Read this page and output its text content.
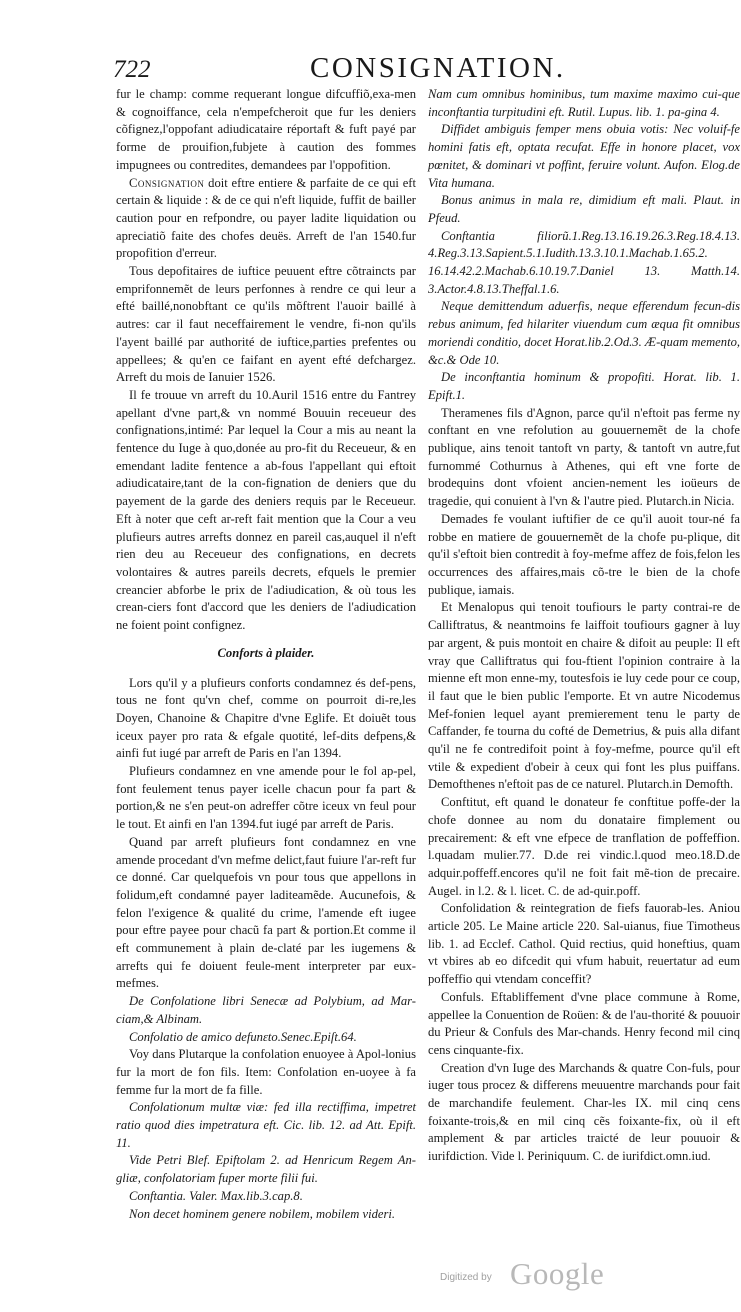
722	CONSIGNATION.

fur le champ: comme requerant longue difcuffiõ,exa-men & cognoiffance, cela n'empefcheroit que fur les deniers cõfignez,l'oppofant adiudicataire réportaft & fuft payé par forme de prouifion,fubjete à caution des fommes impugnees ou contredites, demandees par l'oppofition.

Consignation doit eftre entiere & parfaite de ce qui eft certain & liquide : & de ce qui n'eft liquide, fuffit de bailler caution pour en refpondre, ou payer ladite liquidation ou apreciatiõ faite des chofes deuës. Arreft de l'an 1540.fur propofition d'erreur.

Tous depofitaires de iuftice peuuent eftre cõtraincts par emprifonnemẽt de leurs perfonnes à rendre ce qui leur a efté baillé,nonobftant ce qu'ils mõftrent l'auoir baillé à autres: car il faut neceffairement le vendre, fi-non qu'ils l'ayent baillé par authorité de iuftice,parties prefentes ou appellees; & qu'en ce faifant en ayent efté defchargez. Arreft du mois de Ianuier 1526.

Il fe trouue vn arreft du 10.Auril 1516 entre du Fantrey apellant d'vne part,& vn nommé Bouuin receueur des confignations,intimé: Par lequel la Cour a mis au neant la fentence du Iuge à quo,donée au pro-fit du Receueur, & en emendant ladite fentence a ab-fous l'appellant qui eftoit adiudicataire,tant de la con-fignation de deniers que du payement de la garde des deniers requis par le Receueur. Eft à noter que ceft ar-reft fait mention que la Cour a veu plufieurs autres arrefts donnez en pareil cas,auquel il n'eft rien deu au Receueur des confignations, en decrets volontaires & autres pareils decrets, efquels le premier creancier abforbe le prix de l'adiudication, & où tous les crean-ciers font d'accord que les deniers de l'adiudication ne foient point confignez.

Conforts à plaider.

Lors qu'il y a plufieurs conforts condamnez és def-pens, tous ne font qu'vn chef, comme on pourroit di-re,les Doyen, Chanoine & Chapitre d'vne Eglife. Et doiuẽt tous iceux payer pro rata & efgale quotité, lef-dits defpens,& ainfi fut iugé par arreft de Paris en l'an 1394.

Plufieurs condamnez en vne amende pour le fol ap-pel, font feulement tenus payer icelle chacun pour fa part & portion,& ne s'en peut-on adreffer cõtre iceux vn feul pour le tout. Et ainfi en l'an 1394.fut iugé par arreft de Paris.

Quand par arreft plufieurs font condamnez en vne amende procedant d'vn mefme delict,faut fuiure l'ar-reft fur ce donné. Car quelquefois vn pour tous que appellons in folidum,eft condamné payer laditeamẽde. Aucunefois, & felon l'exigence & qualité du crime, l'amende eft iugee pour eftre payee pour chacũ fa part & portion.Et comme il eft communement à plain de-claté par les iugemens & arrefts qui fe doiuent feule-ment interpreter par eux-mefmes.

De Confolatione libri Senecæ ad Polybium, ad Mar-ciam,& Albinam.

Confolatio de amico defunɛto.Senec.Epiſt.64.

Voy dans Plutarque la confolation enuoyee à Apol-lonius fur la mort de fon fils. Item: Confolation en-uoyee à fa femme fur la mort de fa fille.

Confolationum multæ viæ: fed illa rectiffima, impetret ratio quod dies impetratura eft. Cic. lib. 12. ad Att. Epift. 11.

Vide Petri Blef. Epiftolam 2. ad Henricum Regem An-gliæ, confolatoriam fuper morte filii fui.

Conftantia. Valer. Max.lib.3.cap.8.

Non decet hominem genere nobilem, mobilem videri.

Nam cum omnibus hominibus, tum maxime maximo cui-que inconftantia turpitudini eft. Rutil. Lupus. lib. 1. pa-gina 4.

Diffidet ambiguis femper mens obuia votis: Nec voluif-fe homini fatis eft, optata recufat. Effe in honore placet, vox pœnitet, & dominari vt poffint, feruire volunt. Aufon. Elog.de Vita humana.

Bonus animus in mala re, dimidium eft mali. Plaut. in Pfeud.

Conftantia filiorũ.1.Reg.13.16.19.26.3.Reg.18.4.13. 4.Reg.3.13.Sapient.5.1.Iudith.13.3.10.1.Machab.1.65.2. 16.14.42.2.Machab.6.10.19.7.Daniel 13. Matth.14. 3.Actor.4.8.13.Theffal.1.6.

Neque demittendum aduerfis, neque efferendum fecun-dis rebus animum, fed hilariter viuendum cum æqua fit omnibus moriendi conditio, docet Horat.lib.2.Od.3. Æ-quam memento, &c.& Ode 10.

De inconftantia hominum & propofiti. Horat. lib. 1. Epift.1.

Theramenes fils d'Agnon, parce qu'il n'eftoit pas ferme ny conftant en vne refolution au gouuernemẽt de la chofe publique, ains tenoit tantoft vn party, & tantoft vn autre,fut furnommé Cothurnus à Athenes, qui eft vne forte de brodequins dont vfoient ancien-nement les ioüeurs de tragedie, qui conuient à l'vn & l'autre pied. Plutarch.in Nicia.

Demades fe voulant iuftifier de ce qu'il auoit tour-né fa robbe en matiere de gouuernemẽt de la chofe pu-plique, dit qu'il s'eftoit bien contredit à foy-mefme affez de fois,felon les occurrences des affaires,mais cõ-tre le bien de la chofe publique, iamais.

Et Menalopus qui tenoit toufiours le party contrai-re de Calliftratus, & neantmoins fe laiffoit toufiours gagner à luy par argent, & puis montoit en chaire & difoit au peuple: Il eft vray que Calliftratus qui fou-ftient l'opinion contraire à la mienne eft mon enne-my, toutesfois ie luy cede pour ce coup, il faut que le bien public l'emporte. Et vn autre Nicodemus Mef-fonien lequel ayant premierement tenu le party de Caffander, fe tourna du cofté de Demetrius, & puis alla difant qu'il ne fe contredifoit point à foy-mefme, pource qu'il eft vtile & expedient d'obeir à ceux qui font les plus puiffans. Demofthenes n'eftoit pas de ce naturel. Plutarch.in Demofth.

Conftitut, eft quand le donateur fe conftitue poffe-der la chofe donnee au nom du donataire fimplement ou precairement: & eft vne efpece de tranflation de poffeffion. l.quadam mulier.77. D.de rei vindic.l.quod meo.18.D.de adquir.poffeff.encores qu'il ne foit fait mẽ-tion de precaire. Augel. in l.2. & l. licet. C. de ad-quir.poff.

Confolidation & reintegration de fiefs fauorab-les. Aniou article 205. Le Maine article 220. Sal-uianus, fiue Timotheus lib. 1. ad Ecclef. Cathol. Quid rectius, quid honeftius, quam vt vbires ab eo difcedit qui vfum habuit, reuertatur ad eum poffeffio qui vtendam conceffit?

Confuls. Eftabliffement d'vne place commune à Rome, appellee la Conuention de Roüen: & de l'au-thorité & pouuoir du Prieur & Confuls des Mar-chands. Henry fecond mil cinq cens cinquante-fix.

Creation d'vn Iuge des Marchands & quatre Con-fuls, pour iuger tous procez & differens meuuentre marchands pour fait de marchandife feulement. Char-les IX. mil cinq cens foixante-trois,& en mil cinq cẽs foixante-fix, où il eft amplement & par articles traicté de leur pouuoir & iurifdiction. Vide l. Periniquum. C. de iurifdict.omn.iud.

Digitized by Google
